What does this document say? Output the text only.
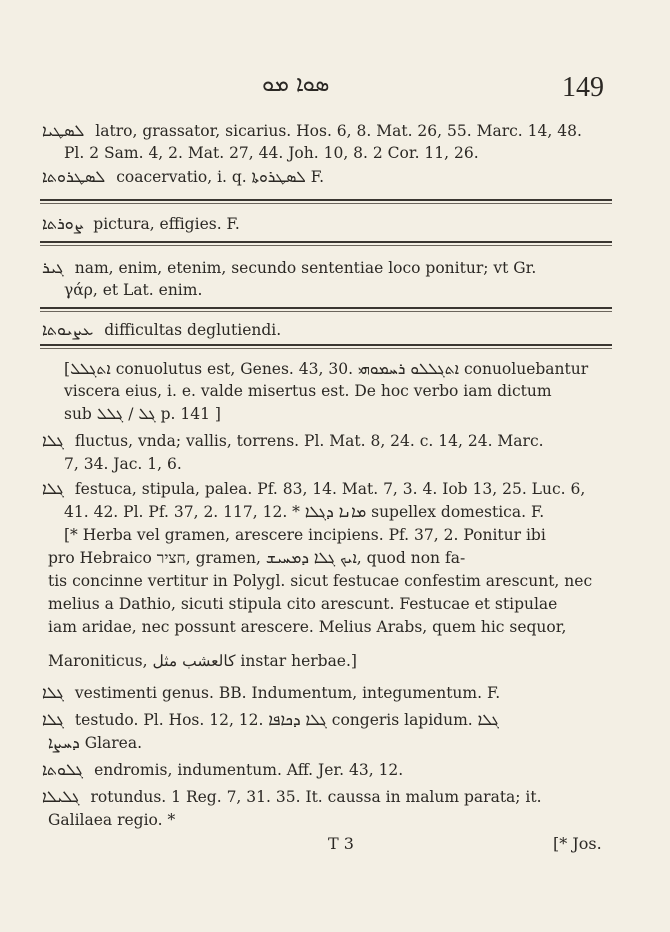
ܣܘܐ ܡܘ	149
ܠܣܛܝܐ latro, grassator, sicarius. Hos. 6, 8. Mat. 26, 55. Marc. 14, 48.
Pl. 2 Sam. 4, 2. Mat. 27, 44. Joh. 10, 8. 2 Cor. 11, 26.
ܠܣܛܪܘܬܐ coacervatio, i. q. ܠܣܛܪܘܬܐ F.
ܨܘܪܬܐ pictura, effigies. F.
ܓܝܪ nam, enim, etenim, secundo sententiae loco ponitur; vt Gr.
γάρ, et Lat. enim.
ܥܨܝܘܬܐ difficultas deglutiendi.
[ܐܬܓܠܠ conuolutus est, Genes. 43, 30. ܐܬܓܠܠܘ ܪܚܡܘܗܝ conuoluebantur viscera eius, i. e. valde misertus est. De hoc verbo iam dictum
sub ܓܠ / ܓܠܠ p. 141 ]
ܓܠܐ fluctus, vnda; vallis, torrens. Pl. Mat. 8, 24. c. 14, 24. Marc.
7, 34. Jac. 1, 6.
ܓܠܐ festuca, stipula, palea. Pf. 83, 14. Mat. 7, 3. 4. Iob 13, 25. Luc. 6,
41. 42. Pl. Pf. 37, 2. 117, 12. * ܡܐܢܐ ܕܓܠܐ supellex domestica. F.
[* Herba vel gramen, arescere incipiens. Pf. 37, 2. Ponitur ibi
pro Hebraico חציר, gramen, ܐܝܟ ܓܠܐ ܕܡܚܝܫ, quod non fa-
tis concinne vertitur in Polygl. sicut festucae confestim arescunt, nec
melius a Dathio, sicuti stipula cito arescunt. Festucae et stipulae
iam aridae, nec possunt arescere. Melius Arabs, quem hic sequor,
Maroniticus, كالعشب مثل instar herbae.]
ܓܠܐ vestimenti genus. BB. Indumentum, integumentum. F.
ܓܠܐ testudo. Pl. Hos. 12, 12. ܓܠܐ ܕܟܐܦܐ congeris lapidum. ܓܠܐ
ܕܚܨܐ Glarea.
ܓܠܘܬܐ endromis, indumentum. Aff. Jer. 43, 12.
ܓܠܝܠܐ rotundus. 1 Reg. 7, 31. 35. It. caussa in malum parata; it.
Galilaea regio. *
T 3	[* Jos.
